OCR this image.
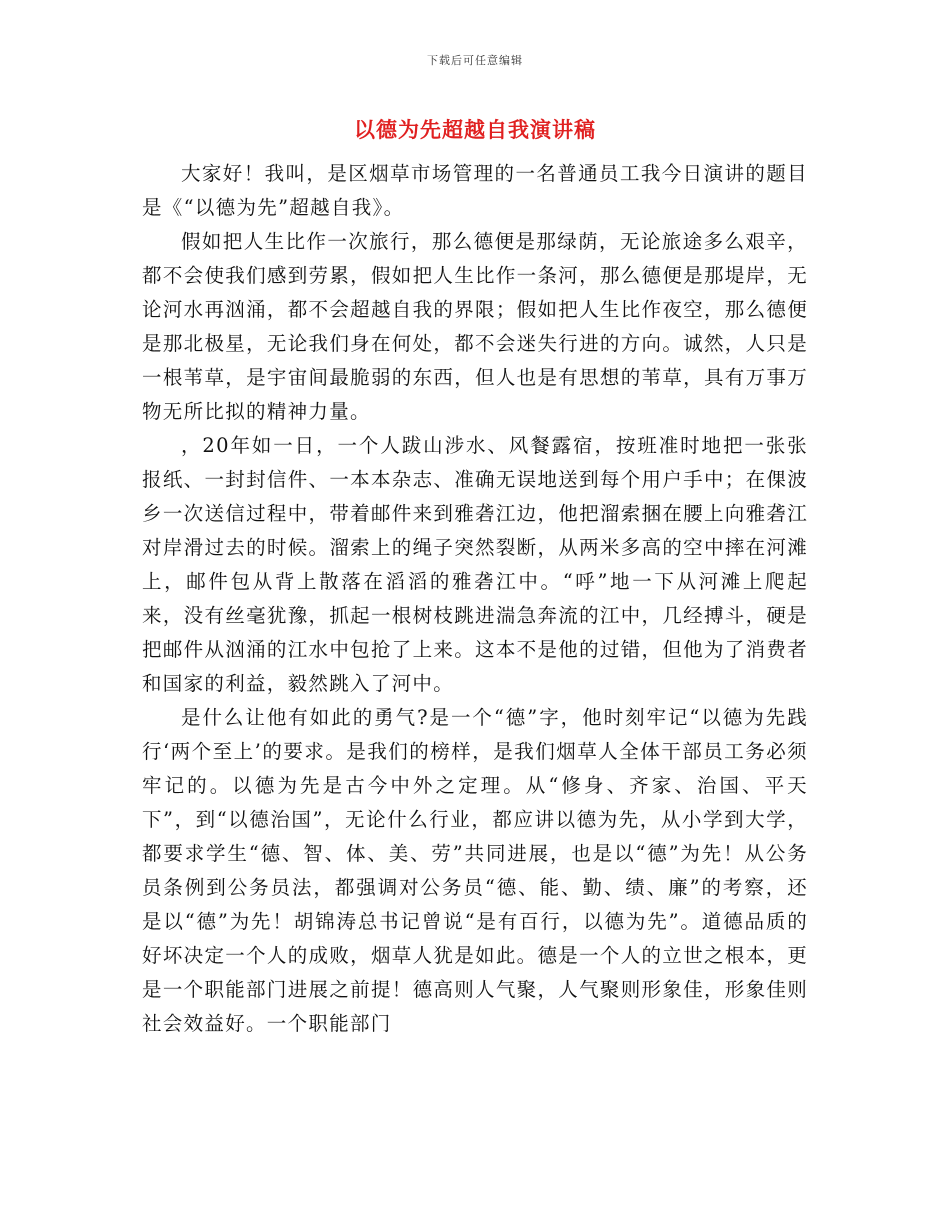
下载后可任意编辑
以德为先超越自我演讲稿

大家好！我叫，是区烟草市场管理的一名普通员工我今日演讲的题目是《“以德为先”超越自我》。

假如把人生比作一次旅行，那么德便是那绿荫，无论旅途多么艰辛，都不会使我们感到劳累，假如把人生比作一条河，那么德便是那堤岸，无论河水再汹涌，都不会超越自我的界限；假如把人生比作夜空，那么德便是那北极星，无论我们身在何处，都不会迷失行进的方向。诚然，人只是一根苇草，是宇宙间最脆弱的东西，但人也是有思想的苇草，具有万事万物无所比拟的精神力量。

，20年如一日，一个人跋山涉水、风餐露宿，按班准时地把一张张报纸、一封封信件、一本本杂志、准确无误地送到每个用户手中；在倮波乡一次送信过程中，带着邮件来到雅砻江边，他把溜索捆在腰上向雅砻江对岸滑过去的时候。溜索上的绳子突然裂断，从两米多高的空中摔在河滩上，邮件包从背上散落在滔滔的雅砻江中。“呼”地一下从河滩上爬起来，没有丝毫犹豫，抓起一根树枝跳进湍急奔流的江中，几经搏斗，硬是把邮件从汹涌的江水中包抢了上来。这本不是他的过错，但他为了消费者和国家的利益，毅然跳入了河中。

是什么让他有如此的勇气?是一个“德”字，他时刻牢记“以德为先践行‘两个至上’的要求。是我们的榜样，是我们烟草人全体干部员工务必须牢记的。以德为先是古今中外之定理。从“修身、齐家、治国、平天下”，到“以德治国”，无论什么行业，都应讲以德为先，从小学到大学，都要求学生“德、智、体、美、劳”共同进展，也是以“德”为先！从公务员条例到公务员法，都强调对公务员“德、能、勤、绩、廉”的考察，还是以“德”为先！胡锦涛总书记曾说“是有百行，以德为先”。道德品质的好坏决定一个人的成败，烟草人犹是如此。德是一个人的立世之根本，更是一个职能部门进展之前提！德高则人气聚，人气聚则形象佳，形象佳则社会效益好。一个职能部门
